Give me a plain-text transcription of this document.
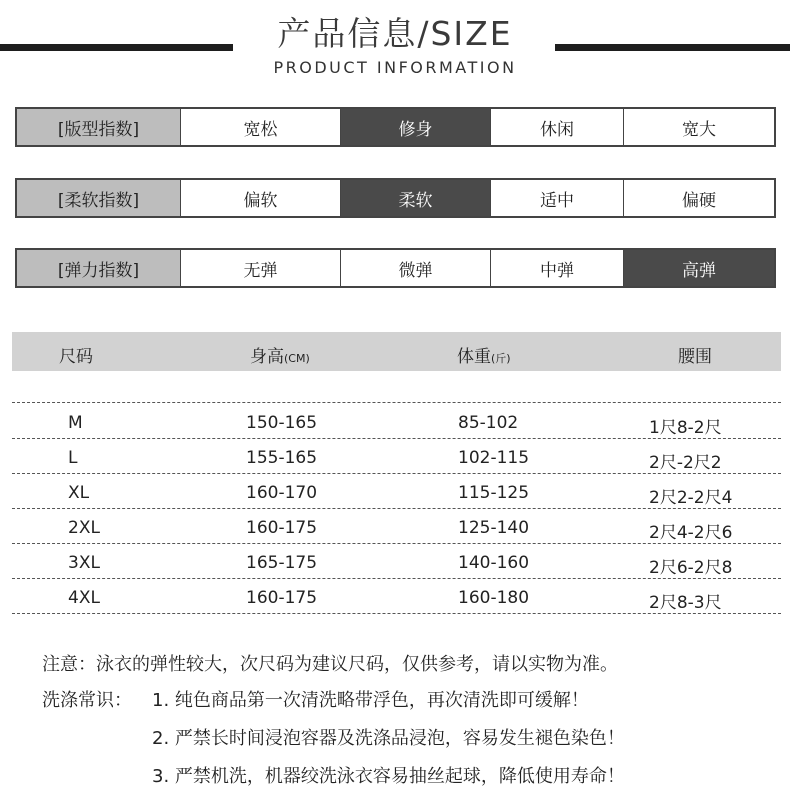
产品信息/SIZE
PRODUCT INFORMATION
[版型指数]	宽松	修身	休闲	宽大
[柔软指数]	偏软	柔软	适中	偏硬
[弹力指数]	无弹	微弹	中弹	高弹
尺码	身高(CM)	体重(斤)	腰围
M	150-165	85-102	1尺8-2尺
L	155-165	102-115	2尺-2尺2
XL	160-170	115-125	2尺2-2尺4
2XL	160-175	125-140	2尺4-2尺6
3XL	165-175	140-160	2尺6-2尺8
4XL	160-175	160-180	2尺8-3尺
注意：泳衣的弹性较大，次尺码为建议尺码，仅供参考，请以实物为准。
洗涤常识： 1. 纯色商品第一次清洗略带浮色，再次清洗即可缓解！
2. 严禁长时间浸泡容器及洗涤品浸泡，容易发生褪色染色！
3. 严禁机洗，机器绞洗泳衣容易抽丝起球，降低使用寿命！
